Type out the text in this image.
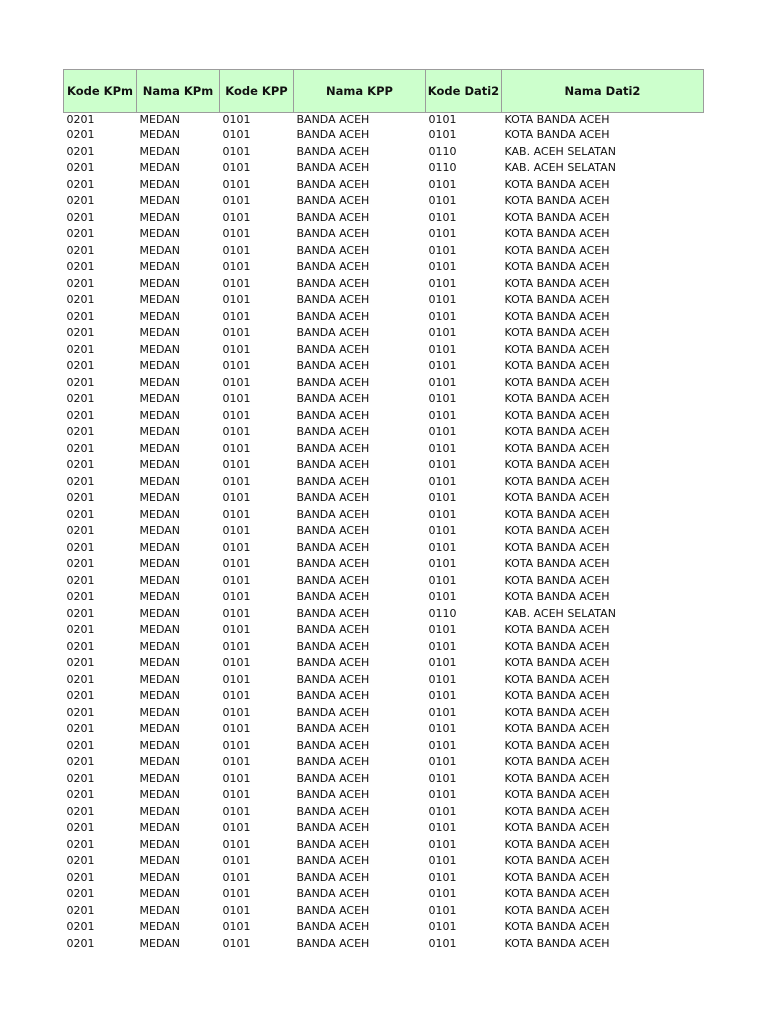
Kode KPm	Nama KPm	Kode KPP	Nama KPP	Kode Dati2	Nama Dati2
0201	MEDAN	0101	BANDA ACEH	0101	KOTA BANDA ACEH
0201	MEDAN	0101	BANDA ACEH	0101	KOTA BANDA ACEH
0201	MEDAN	0101	BANDA ACEH	0110	KAB. ACEH SELATAN
0201	MEDAN	0101	BANDA ACEH	0110	KAB. ACEH SELATAN
0201	MEDAN	0101	BANDA ACEH	0101	KOTA BANDA ACEH
0201	MEDAN	0101	BANDA ACEH	0101	KOTA BANDA ACEH
0201	MEDAN	0101	BANDA ACEH	0101	KOTA BANDA ACEH
0201	MEDAN	0101	BANDA ACEH	0101	KOTA BANDA ACEH
0201	MEDAN	0101	BANDA ACEH	0101	KOTA BANDA ACEH
0201	MEDAN	0101	BANDA ACEH	0101	KOTA BANDA ACEH
0201	MEDAN	0101	BANDA ACEH	0101	KOTA BANDA ACEH
0201	MEDAN	0101	BANDA ACEH	0101	KOTA BANDA ACEH
0201	MEDAN	0101	BANDA ACEH	0101	KOTA BANDA ACEH
0201	MEDAN	0101	BANDA ACEH	0101	KOTA BANDA ACEH
0201	MEDAN	0101	BANDA ACEH	0101	KOTA BANDA ACEH
0201	MEDAN	0101	BANDA ACEH	0101	KOTA BANDA ACEH
0201	MEDAN	0101	BANDA ACEH	0101	KOTA BANDA ACEH
0201	MEDAN	0101	BANDA ACEH	0101	KOTA BANDA ACEH
0201	MEDAN	0101	BANDA ACEH	0101	KOTA BANDA ACEH
0201	MEDAN	0101	BANDA ACEH	0101	KOTA BANDA ACEH
0201	MEDAN	0101	BANDA ACEH	0101	KOTA BANDA ACEH
0201	MEDAN	0101	BANDA ACEH	0101	KOTA BANDA ACEH
0201	MEDAN	0101	BANDA ACEH	0101	KOTA BANDA ACEH
0201	MEDAN	0101	BANDA ACEH	0101	KOTA BANDA ACEH
0201	MEDAN	0101	BANDA ACEH	0101	KOTA BANDA ACEH
0201	MEDAN	0101	BANDA ACEH	0101	KOTA BANDA ACEH
0201	MEDAN	0101	BANDA ACEH	0101	KOTA BANDA ACEH
0201	MEDAN	0101	BANDA ACEH	0101	KOTA BANDA ACEH
0201	MEDAN	0101	BANDA ACEH	0101	KOTA BANDA ACEH
0201	MEDAN	0101	BANDA ACEH	0101	KOTA BANDA ACEH
0201	MEDAN	0101	BANDA ACEH	0110	KAB. ACEH SELATAN
0201	MEDAN	0101	BANDA ACEH	0101	KOTA BANDA ACEH
0201	MEDAN	0101	BANDA ACEH	0101	KOTA BANDA ACEH
0201	MEDAN	0101	BANDA ACEH	0101	KOTA BANDA ACEH
0201	MEDAN	0101	BANDA ACEH	0101	KOTA BANDA ACEH
0201	MEDAN	0101	BANDA ACEH	0101	KOTA BANDA ACEH
0201	MEDAN	0101	BANDA ACEH	0101	KOTA BANDA ACEH
0201	MEDAN	0101	BANDA ACEH	0101	KOTA BANDA ACEH
0201	MEDAN	0101	BANDA ACEH	0101	KOTA BANDA ACEH
0201	MEDAN	0101	BANDA ACEH	0101	KOTA BANDA ACEH
0201	MEDAN	0101	BANDA ACEH	0101	KOTA BANDA ACEH
0201	MEDAN	0101	BANDA ACEH	0101	KOTA BANDA ACEH
0201	MEDAN	0101	BANDA ACEH	0101	KOTA BANDA ACEH
0201	MEDAN	0101	BANDA ACEH	0101	KOTA BANDA ACEH
0201	MEDAN	0101	BANDA ACEH	0101	KOTA BANDA ACEH
0201	MEDAN	0101	BANDA ACEH	0101	KOTA BANDA ACEH
0201	MEDAN	0101	BANDA ACEH	0101	KOTA BANDA ACEH
0201	MEDAN	0101	BANDA ACEH	0101	KOTA BANDA ACEH
0201	MEDAN	0101	BANDA ACEH	0101	KOTA BANDA ACEH
0201	MEDAN	0101	BANDA ACEH	0101	KOTA BANDA ACEH
0201	MEDAN	0101	BANDA ACEH	0101	KOTA BANDA ACEH
